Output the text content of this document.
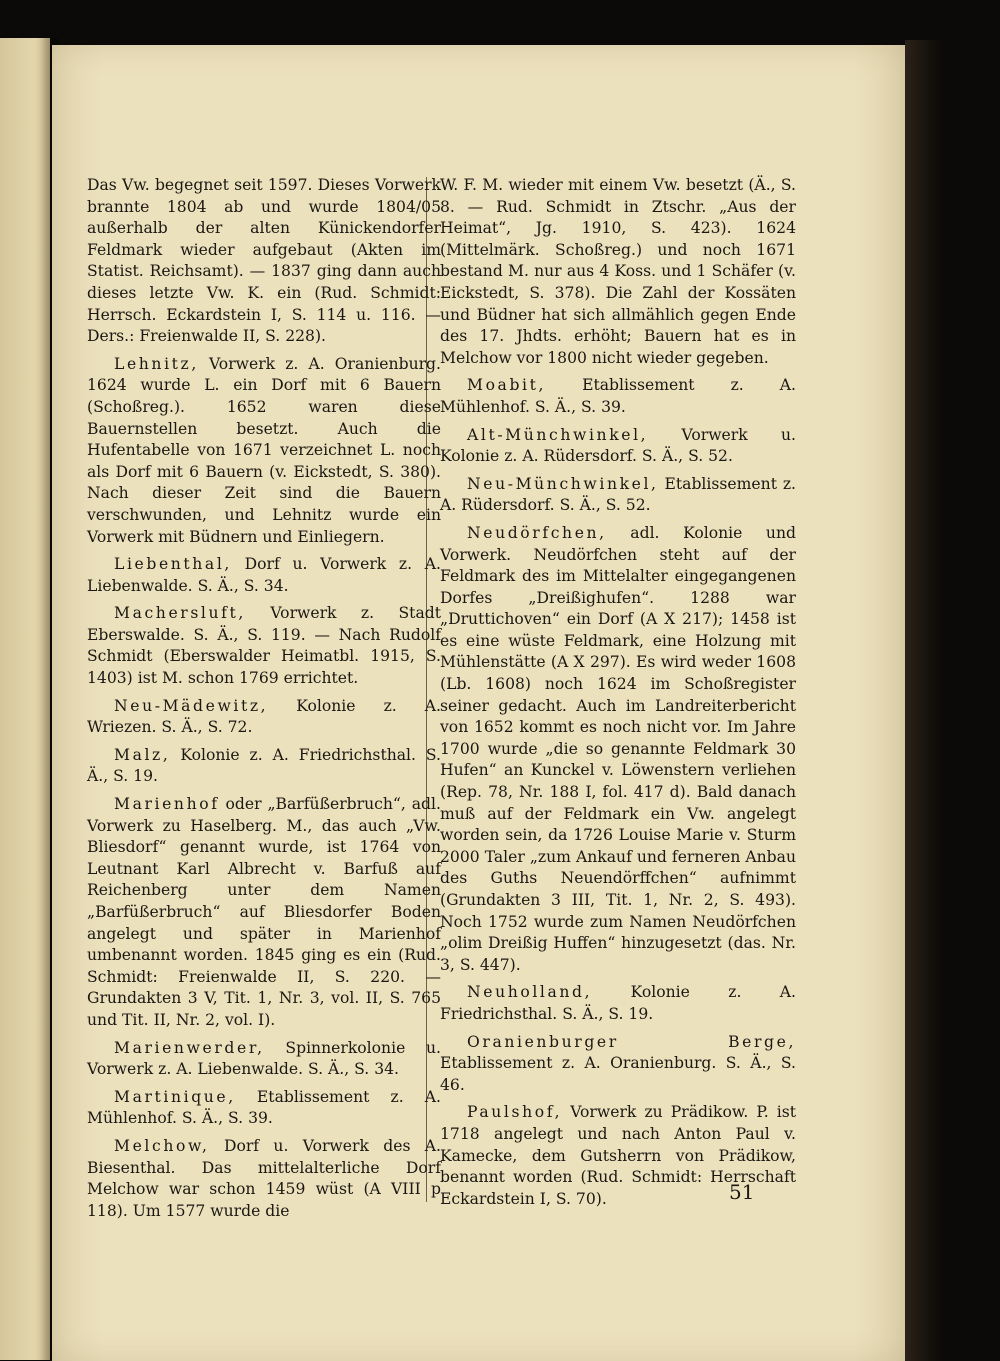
Das Vw. begegnet seit 1597. Dieses Vorwerk brannte 1804 ab und wurde 1804/05 außerhalb der alten Künickendorfer Feldmark wieder aufgebaut (Akten im Statist. Reichsamt). — 1837 ging dann auch dieses letzte Vw. K. ein (Rud. Schmidt: Herrsch. Eckardstein I, S. 114 u. 116. — Ders.: Freienwalde II, S. 228).

Lehnitz, Vorwerk z. A. Oranienburg. 1624 wurde L. ein Dorf mit 6 Bauern (Schoßreg.). 1652 waren diese Bauernstellen besetzt. Auch die Hufentabelle von 1671 verzeichnet L. noch als Dorf mit 6 Bauern (v. Eickstedt, S. 380). Nach dieser Zeit sind die Bauern verschwunden, und Lehnitz wurde ein Vorwerk mit Büdnern und Einliegern.

Liebenthal, Dorf u. Vorwerk z. A. Liebenwalde. S. Ä., S. 34.

Machersluft, Vorwerk z. Stadt Eberswalde. S. Ä., S. 119. — Nach Rudolf Schmidt (Eberswalder Heimatbl. 1915, S. 1403) ist M. schon 1769 errichtet.

Neu-Mädewitz, Kolonie z. A. Wriezen. S. Ä., S. 72.

Malz, Kolonie z. A. Friedrichsthal. S. Ä., S. 19.

Marienhof oder „Barfüßerbruch“, adl. Vorwerk zu Haselberg. M., das auch „Vw. Bliesdorf“ genannt wurde, ist 1764 von Leutnant Karl Albrecht v. Barfuß auf Reichenberg unter dem Namen „Barfüßerbruch“ auf Bliesdorfer Boden angelegt und später in Marienhof umbenannt worden. 1845 ging es ein (Rud. Schmidt: Freienwalde II, S. 220. — Grundakten 3 V, Tit. 1, Nr. 3, vol. II, S. 765 und Tit. II, Nr. 2, vol. I).

Marienwerder, Spinnerkolonie u. Vorwerk z. A. Liebenwalde. S. Ä., S. 34.

Martinique, Etablissement z. A. Mühlenhof. S. Ä., S. 39.

Melchow, Dorf u. Vorwerk des A. Biesenthal. Das mittelalterliche Dorf Melchow war schon 1459 wüst (A VIII p 118). Um 1577 wurde die

W. F. M. wieder mit einem Vw. besetzt (Ä., S. 8. — Rud. Schmidt in Ztschr. „Aus der Heimat“, Jg. 1910, S. 423). 1624 (Mittelmärk. Schoßreg.) und noch 1671 bestand M. nur aus 4 Koss. und 1 Schäfer (v. Eickstedt, S. 378). Die Zahl der Kossäten und Büdner hat sich allmählich gegen Ende des 17. Jhdts. erhöht; Bauern hat es in Melchow vor 1800 nicht wieder gegeben.

Moabit, Etablissement z. A. Mühlenhof. S. Ä., S. 39.

Alt-Münchwinkel, Vorwerk u. Kolonie z. A. Rüdersdorf. S. Ä., S. 52.

Neu-Münchwinkel, Etablissement z. A. Rüdersdorf. S. Ä., S. 52.

Neudörfchen, adl. Kolonie und Vorwerk. Neudörfchen steht auf der Feldmark des im Mittelalter eingegangenen Dorfes „Dreißighufen“. 1288 war „Druttichoven“ ein Dorf (A X 217); 1458 ist es eine wüste Feldmark, eine Holzung mit Mühlenstätte (A X 297). Es wird weder 1608 (Lb. 1608) noch 1624 im Schoßregister seiner gedacht. Auch im Landreiterbericht von 1652 kommt es noch nicht vor. Im Jahre 1700 wurde „die so genannte Feldmark 30 Hufen“ an Kunckel v. Löwenstern verliehen (Rep. 78, Nr. 188 I, fol. 417 d). Bald danach muß auf der Feldmark ein Vw. angelegt worden sein, da 1726 Louise Marie v. Sturm 2000 Taler „zum Ankauf und ferneren Anbau des Guths Neuendörffchen“ aufnimmt (Grundakten 3 III, Tit. 1, Nr. 2, S. 493). Noch 1752 wurde zum Namen Neudörfchen „olim Dreißig Huffen“ hinzugesetzt (das. Nr. 3, S. 447).

Neuholland, Kolonie z. A. Friedrichsthal. S. Ä., S. 19.

Oranienburger Berge, Etablissement z. A. Oranienburg. S. Ä., S. 46.

Paulshof, Vorwerk zu Prädikow. P. ist 1718 angelegt und nach Anton Paul v. Kamecke, dem Gutsherrn von Prädikow, benannt worden (Rud. Schmidt: Herrschaft Eckardstein I, S. 70).	51
